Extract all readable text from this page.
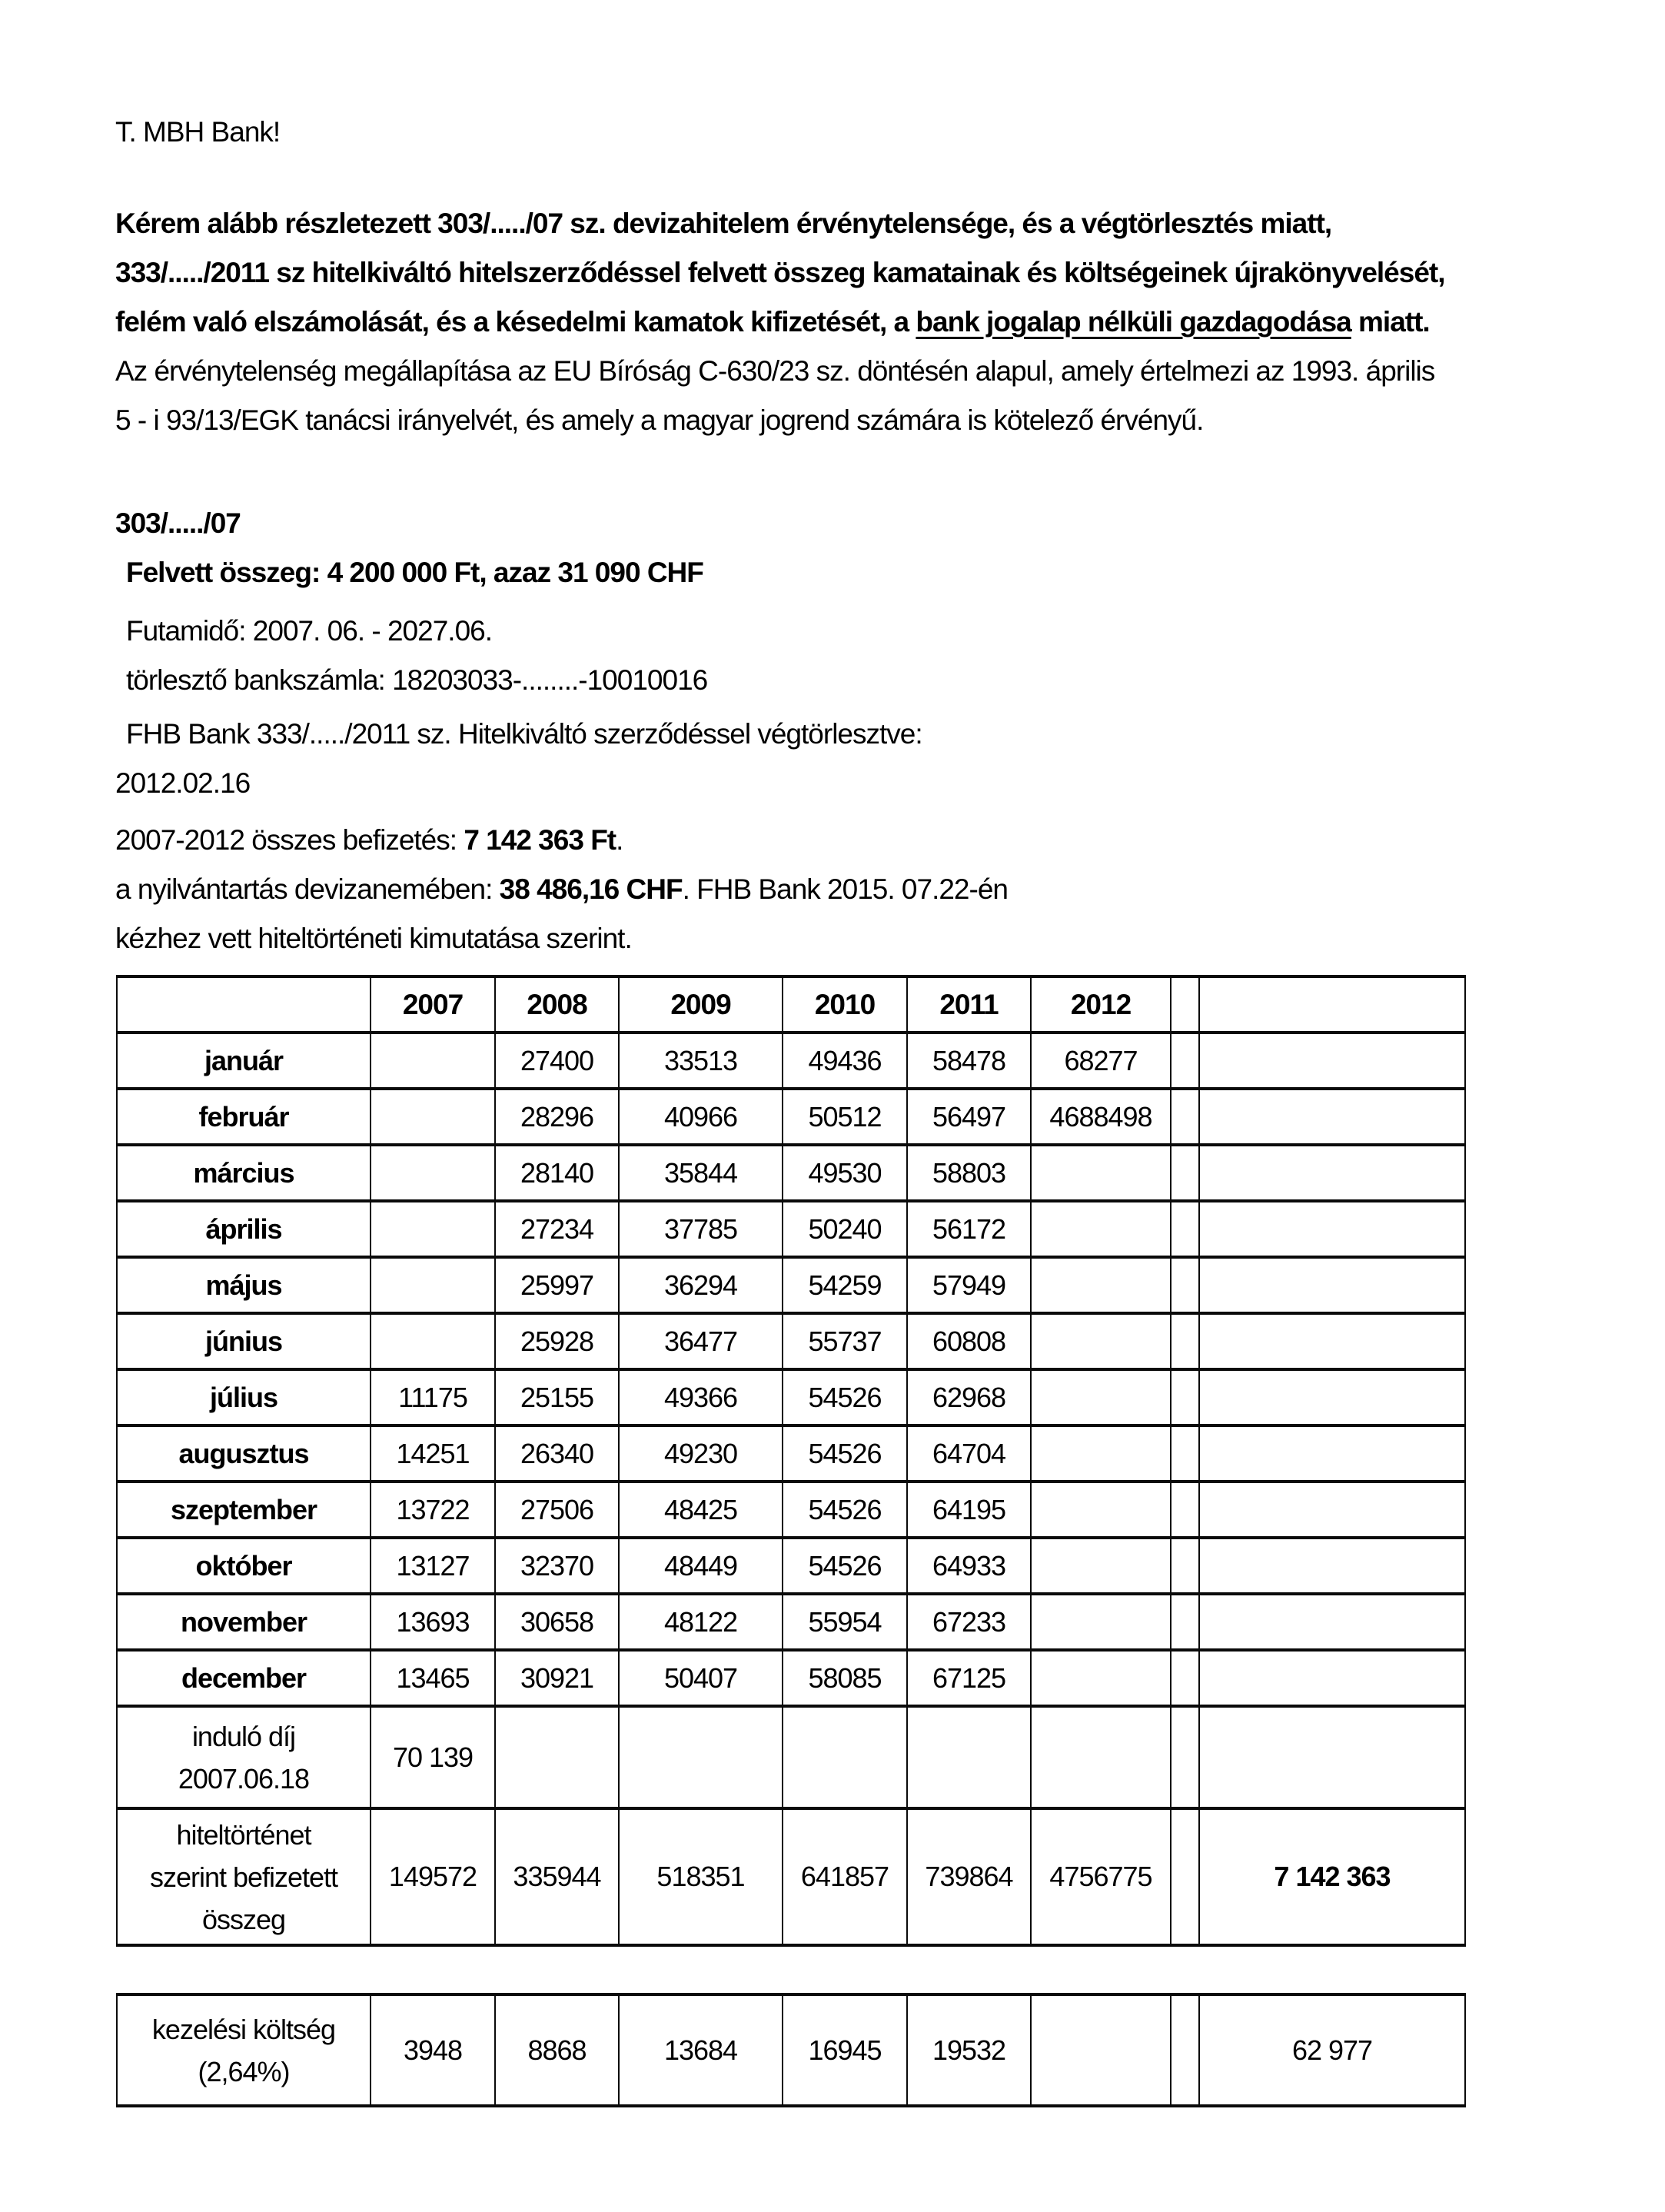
T. MBH Bank!
Kérem alább részletezett 303/...../07 sz. devizahitelem érvénytelensége, és a végtörlesztés miatt,
333/...../2011 sz hitelkiváltó hitelszerződéssel felvett összeg kamatainak és költségeinek újrakönyvelését,
felém való elszámolását, és a késedelmi kamatok kifizetését, a bank jogalap nélküli gazdagodása miatt.
Az érvénytelenség megállapítása az EU Bíróság C-630/23 sz. döntésén alapul, amely értelmezi az 1993. április
5 - i 93/13/EGK tanácsi irányelvét, és amely a magyar jogrend számára is kötelező érvényű.
303/...../07
Felvett összeg: 4 200 000 Ft, azaz 31 090 CHF
Futamidő: 2007. 06. - 2027.06.
törlesztő bankszámla: 18203033-........-10010016
FHB Bank 333/...../2011 sz. Hitelkiváltó szerződéssel végtörlesztve:
2012.02.16
2007-2012 összes befizetés: 7 142 363 Ft.
a nyilvántartás devizanemében: 38 486,16 CHF. FHB Bank 2015. 07.22-én
kézhez vett hiteltörténeti kimutatása szerint.
	2007	2008	2009	2010	2011	2012		
január		27400	33513	49436	58478	68277		
február		28296	40966	50512	56497	4688498		
március		28140	35844	49530	58803			
április		27234	37785	50240	56172			
május		25997	36294	54259	57949			
június		25928	36477	55737	60808			
július	11175	25155	49366	54526	62968			
augusztus	14251	26340	49230	54526	64704			
szeptember	13722	27506	48425	54526	64195			
október	13127	32370	48449	54526	64933			
november	13693	30658	48122	55954	67233			
december	13465	30921	50407	58085	67125			
induló díj
2007.06.18	70 139							
hiteltörténet
szerint befizetett
összeg	149572	335944	518351	641857	739864	4756775		7 142 363
kezelési költség
(2,64%)	3948	8868	13684	16945	19532			62 977
